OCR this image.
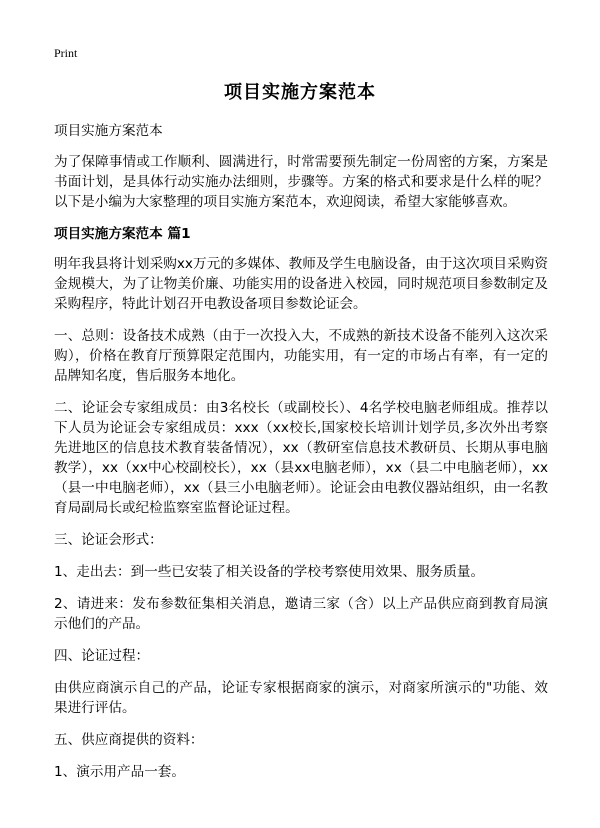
Print
项目实施方案范本

项目实施方案范本

为了保障事情或工作顺利、圆满进行，时常需要预先制定一份周密的方案，方案是书面计划，是具体行动实施办法细则，步骤等。方案的格式和要求是什么样的呢？以下是小编为大家整理的项目实施方案范本，欢迎阅读，希望大家能够喜欢。

项目实施方案范本 篇1

明年我县将计划采购xx万元的多媒体、教师及学生电脑设备，由于这次项目采购资金规模大，为了让物美价廉、功能实用的设备进入校园，同时规范项目参数制定及采购程序，特此计划召开电教设备项目参数论证会。

一、总则：设备技术成熟（由于一次投入大，不成熟的新技术设备不能列入这次采购），价格在教育厅预算限定范围内，功能实用，有一定的市场占有率，有一定的品牌知名度，售后服务本地化。

二、论证会专家组成员：由3名校长（或副校长）、4名学校电脑老师组成。推荐以下人员为论证会专家组成员：xxx（xx校长,国家校长培训计划学员,多次外出考察先进地区的信息技术教育装备情况），xx（教研室信息技术教研员、长期从事电脑教学），xx（xx中心校副校长），xx（县xx电脑老师），xx（县二中电脑老师），xx（县一中电脑老师），xx（县三小电脑老师）。论证会由电教仪器站组织，由一名教育局副局长或纪检监察室监督论证过程。

三、论证会形式：

1、走出去：到一些已安装了相关设备的学校考察使用效果、服务质量。

2、请进来：发布参数征集相关消息，邀请三家（含）以上产品供应商到教育局演示他们的产品。

四、论证过程：

由供应商演示自己的产品，论证专家根据商家的演示，对商家所演示的"功能、效果进行评估。

五、供应商提供的资料：

1、演示用产品一套。
